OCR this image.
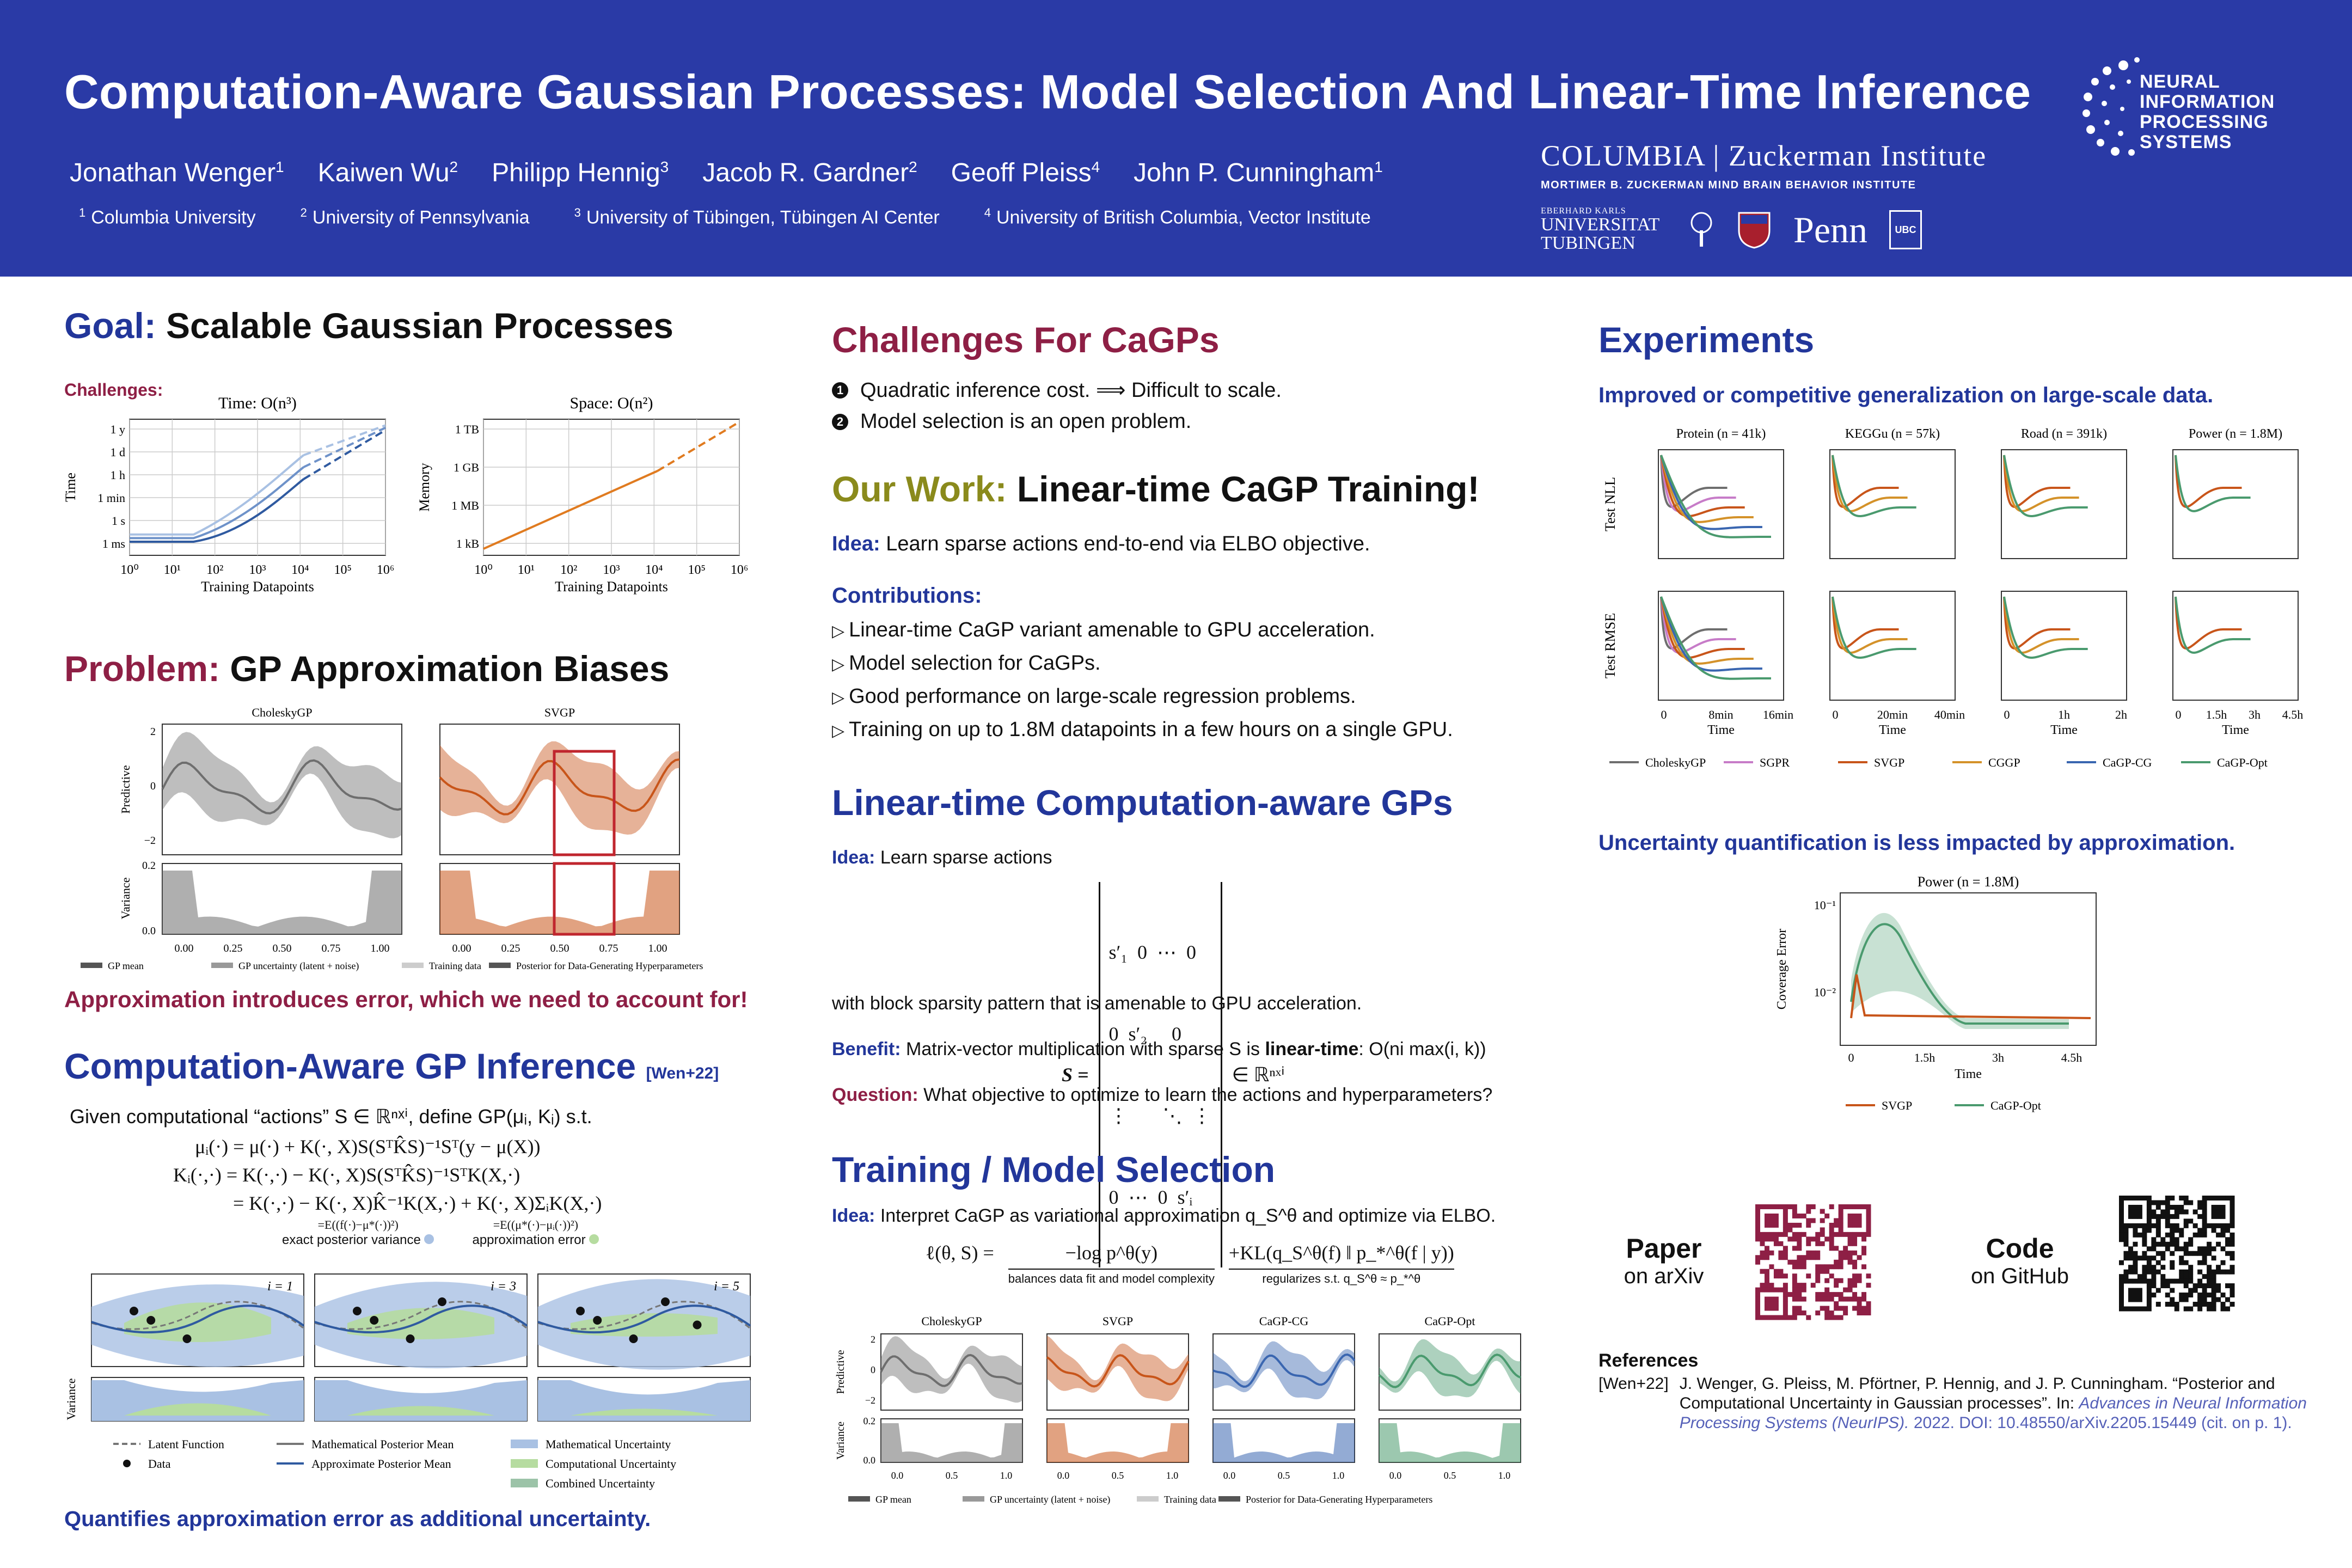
Computation-Aware Gaussian Processes: Model Selection And Linear-Time Inference
Jonathan Wenger$^1$ Kaiwen Wu$^2$ Philipp Hennig$^3$ Jacob R. Gardner$^2$ Geoff Pleiss$^4$ John P. Cunningham$^1$
$^1$ Columbia University	$^2$ University of Pennsylvania	$^3$ University of Tübingen, Tübingen AI Center	$^4$ University of British Columbia, Vector Institute
COLUMBIA | Zuckerman Institute
MORTIMER B. ZUCKERMAN MIND BRAIN BEHAVIOR INSTITUTE
EBERHARD KARLS
UNIVERSITAT TUBINGEN	Penn	UBC
NEURAL
INFORMATION
PROCESSING
SYSTEMS
Goal: Scalable Gaussian Processes
Challenges:
Time: O(n³)
10⁰ 10¹ 10² 10³ 10⁴ 10⁵ 10⁶
1 y
1 d
1 h
1 min
1 s
1 ms
Training Datapoints
Time
Space: O(n²)
10⁰ 10¹ 10² 10³ 10⁴ 10⁵ 10⁶
1 TB
1 GB
1 MB
1 kB
Training Datapoints
Memory
Problem: GP Approximation Biases
CholeskyGP
0.00	0.25	0.50	0.75	1.00
SVGP
0.00	0.25	0.50	0.75	1.00
2
0
−2
0.2
0.0
Predictive
Variance
GP mean	GP uncertainty (latent + noise)	Training data	Posterior for Data-Generating Hyperparameters
Approximation introduces error, which we need to account for!
Computation-Aware GP Inference [Wen+22]
Given computational “actions” S ∈ ℝⁿˣⁱ, define GP(μᵢ, Kᵢ) s.t.
μᵢ(·) = μ(·) + K(·, X)S(SᵀK̂S)⁻¹Sᵀ(y − μ(X))
Kᵢ(·,·) = K(·,·) − K(·, X)S(SᵀK̂S)⁻¹SᵀK(X,·)
= K(·,·) − K(·, X)K̂⁻¹K(X,·) + K(·, X)ΣᵢK(X,·)
=E((f(·)−μ*(·))²)
exact posterior variance
=E((μ*(·)−μᵢ(·))²)
approximation error
i = 1	i = 3	i = 5
Variance
Latent Function
Data
Mathematical Posterior Mean
Approximate Posterior Mean
Mathematical Uncertainty
Computational Uncertainty
Combined Uncertainty
Quantifies approximation error as additional uncertainty.
Challenges For CaGPs
1 Quadratic inference cost. ⟹ Difficult to scale.
2 Model selection is an open problem.
Our Work: Linear-time CaGP Training!
Idea: Learn sparse actions end-to-end via ELBO objective.
Contributions:
▷ Linear-time CaGP variant amenable to GPU acceleration.
▷ Model selection for CaGPs.
▷ Good performance on large-scale regression problems.
▷ Training on up to 1.8M datapoints in a few hours on a single GPU.
Linear-time Computation-aware GPs
Idea: Learn sparse actions
S =

s′₁  0  ⋯  0

0  s′₂     0

⋮       ⋱  ⋮

0  ⋯  0  s′ᵢ

∈ ℝⁿˣⁱ
with block sparsity pattern that is amenable to GPU acceleration.
Benefit: Matrix-vector multiplication with sparse S is linear-time: O(ni max(i, k))
Question: What objective to optimize to learn the actions and hyperparameters?
Training / Model Selection
Idea: Interpret CaGP as variational approximation q_S^θ and optimize via ELBO.
ℓ(θ, S) =	−log p^θ(y)
balances data fit and model complexity
+KL(q_S^θ(f) ‖ p_*^θ(f | y))
regularizes s.t. q_S^θ ≈ p_*^θ
CholeskyGP
0.0	0.5	1.0
SVGP
0.0	0.5	1.0
CaGP-CG
0.0	0.5	1.0
CaGP-Opt
0.0	0.5	1.0
2
0
−2
0.2
0.0
Predictive
Variance
GP mean	GP uncertainty (latent + noise)	Training data	Posterior for Data-Generating Hyperparameters
Experiments
Improved or competitive generalization on large-scale data.
Protein (n = 41k)
Time
0	8min 16min
KEGGu (n = 57k)
Time
0	20min 40min
Road (n = 391k)
Time
0	1h	2h
Power (n = 1.8M)
Time
0 1.5h 3h 4.5h
Test NLL
Test RMSE
CholeskyGP	SGPR	SVGP	CGGP	CaGP-CG	CaGP-Opt
Uncertainty quantification is less impacted by approximation.
Power (n = 1.8M)
10⁻¹
10⁻²
0	1.5h	3h	4.5h
Time
Coverage Error
SVGP	CaGP-Opt
Paper
on arXiv
Code
on GitHub
References
[Wen+22] J. Wenger, G. Pleiss, M. Pförtner, P. Hennig, and J. P. Cunningham. “Posterior and Computational Uncertainty in Gaussian processes”. In: Advances in Neural Information Processing Systems (NeurIPS). 2022. DOI: 10.48550/arXiv.2205.15449 (cit. on p. 1).
